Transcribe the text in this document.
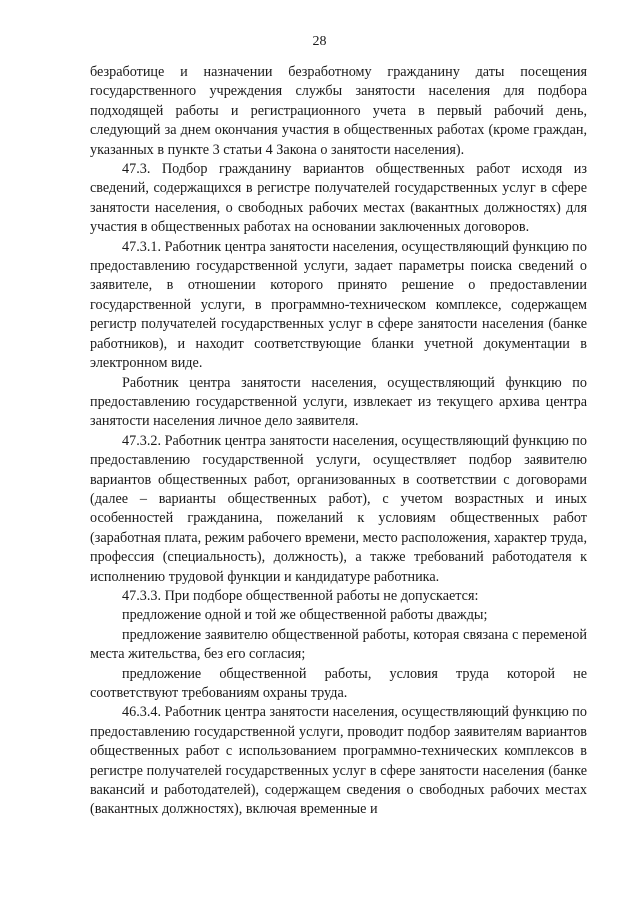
28

безработице и назначении безработному гражданину даты посещения государственного учреждения службы занятости населения для подбора подходящей работы и регистрационного учета в первый рабочий день, следующий за днем окончания участия в общественных работах (кроме граждан, указанных в пункте 3 статьи 4 Закона о занятости населения).

47.3. Подбор гражданину вариантов общественных работ исходя из сведений, содержащихся в регистре получателей государственных услуг в сфере занятости населения, о свободных рабочих местах (вакантных должностях) для участия в общественных работах на основании заключенных договоров.

47.3.1. Работник центра занятости населения, осуществляющий функцию по предоставлению государственной услуги, задает параметры поиска сведений о заявителе, в отношении которого принято решение о предоставлении государственной услуги, в программно-техническом комплексе, содержащем регистр получателей государственных услуг в сфере занятости населения (банке работников), и находит соответствующие бланки учетной документации в электронном виде.

Работник центра занятости населения, осуществляющий функцию по предоставлению государственной услуги, извлекает из текущего архива центра занятости населения личное дело заявителя.

47.3.2. Работник центра занятости населения, осуществляющий функцию по предоставлению государственной услуги, осуществляет подбор заявителю вариантов общественных работ, организованных в соответствии с договорами (далее – варианты общественных работ), с учетом возрастных и иных особенностей гражданина, пожеланий к условиям общественных работ (заработная плата, режим рабочего времени, место расположения, характер труда, профессия (специальность), должность), а также требований работодателя к исполнению трудовой функции и кандидатуре работника.

47.3.3. При подборе общественной работы не допускается:

предложение одной и той же общественной работы дважды;

предложение заявителю общественной работы, которая связана с переменой места жительства, без его согласия;

предложение общественной работы, условия труда которой не соответствуют требованиям охраны труда.

46.3.4. Работник центра занятости населения, осуществляющий функцию по предоставлению государственной услуги, проводит подбор заявителям вариантов общественных работ с использованием программно-технических комплексов в регистре получателей государственных услуг в сфере занятости населения (банке вакансий и работодателей), содержащем сведения о свободных рабочих местах (вакантных должностях), включая временные и
